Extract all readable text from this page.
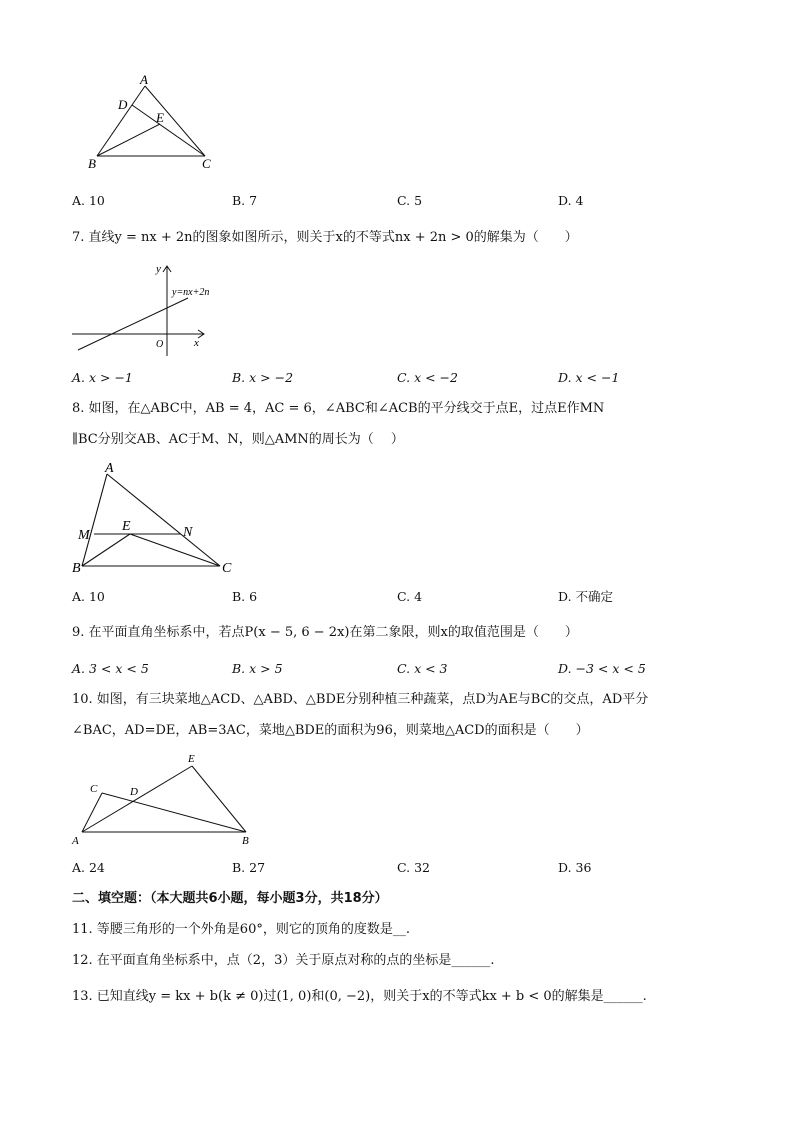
A
D
E
B	C
A. 10	B. 7	C. 5	D. 4
7. 直线y = nx + 2n的图象如图所示，则关于x的不等式nx + 2n > 0的解集为（　　）
y
x
O
y=nx+2n
A. x > −1	B. x > −2	C. x < −2	D. x < −1
8. 如图，在△ABC中，AB = 4，AC = 6，∠ABC和∠ACB的平分线交于点E，过点E作MN
∥BC分别交AB、AC于M、N，则△AMN的周长为（　 ）
A
M
E	N
B	C
A. 10	B. 6	C. 4	D. 不确定
9. 在平面直角坐标系中，若点P(x − 5, 6 − 2x)在第二象限，则x的取值范围是（　　）
A. 3 < x < 5	B. x > 5	C. x < 3	D. −3 < x < 5
10. 如图，有三块菜地△ACD、△ABD、△BDE分别种植三种蔬菜，点D为AE与BC的交点，AD平分
∠BAC，AD=DE，AB=3AC，菜地△BDE的面积为96，则菜地△ACD的面积是（　　）
C	D
E
A	B
A. 24	B. 27	C. 32	D. 36
二、填空题：（本大题共6小题，每小题3分，共18分）
11. 等腰三角形的一个外角是60°，则它的顶角的度数是__.
12. 在平面直角坐标系中，点（2，3）关于原点对称的点的坐标是______.
13. 已知直线y = kx + b(k ≠ 0)过(1, 0)和(0, −2)，则关于x的不等式kx + b < 0的解集是______.
